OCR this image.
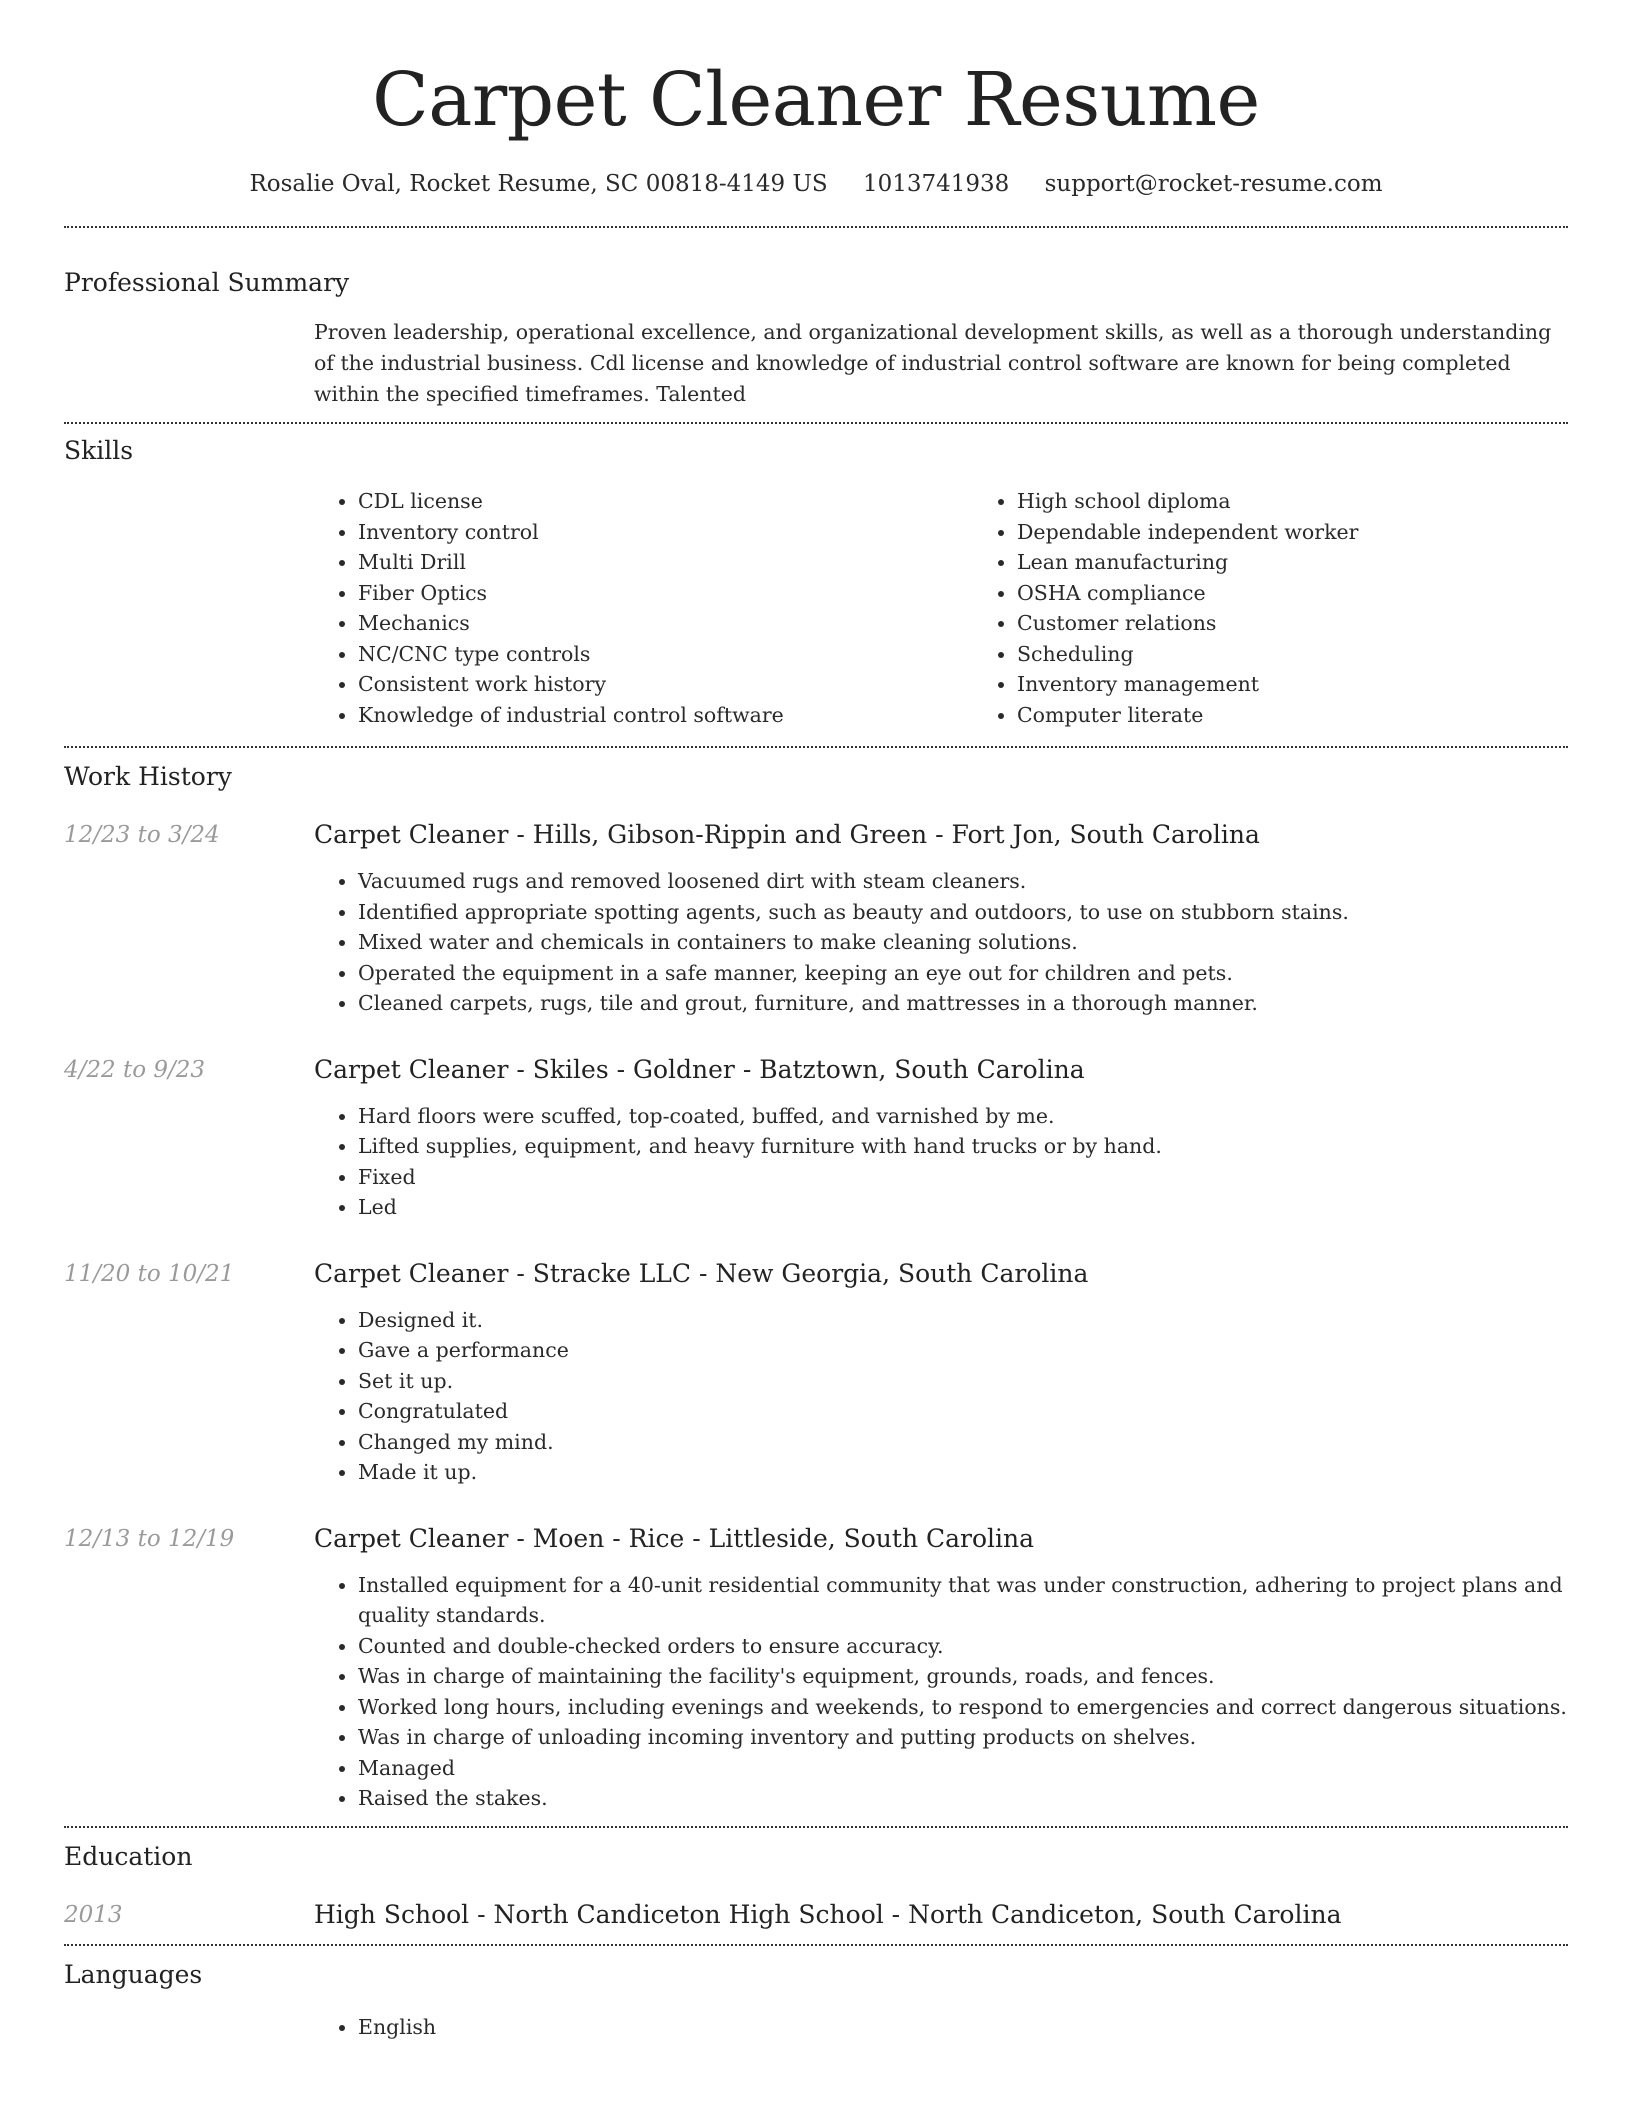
Carpet Cleaner Resume
Rosalie Oval, Rocket Resume, SC 00818-4149 US 1013741938 support@rocket-resume.com
Professional Summary

Proven leadership, operational excellence, and organizational development skills, as well as a thorough understanding of the industrial business. Cdl license and knowledge of industrial control software are known for being completed within the specified timeframes. Talented

Skills
• CDL license
• Inventory control
• Multi Drill
• Fiber Optics
• Mechanics
• NC/CNC type controls
• Consistent work history
• Knowledge of industrial control software
• High school diploma
• Dependable independent worker
• Lean manufacturing
• OSHA compliance
• Customer relations
• Scheduling
• Inventory management
• Computer literate
Work History
12/23 to 3/24	Carpet Cleaner - Hills, Gibson-Rippin and Green - Fort Jon, South Carolina
• Vacuumed rugs and removed loosened dirt with steam cleaners.
• Identified appropriate spotting agents, such as beauty and outdoors, to use on stubborn stains.
• Mixed water and chemicals in containers to make cleaning solutions.
• Operated the equipment in a safe manner, keeping an eye out for children and pets.
• Cleaned carpets, rugs, tile and grout, furniture, and mattresses in a thorough manner.
4/22 to 9/23	Carpet Cleaner - Skiles - Goldner - Batztown, South Carolina
• Hard floors were scuffed, top-coated, buffed, and varnished by me.
• Lifted supplies, equipment, and heavy furniture with hand trucks or by hand.
• Fixed
• Led
11/20 to 10/21	Carpet Cleaner - Stracke LLC - New Georgia, South Carolina
• Designed it.
• Gave a performance
• Set it up.
• Congratulated
• Changed my mind.
• Made it up.
12/13 to 12/19	Carpet Cleaner - Moen - Rice - Littleside, South Carolina
• Installed equipment for a 40-unit residential community that was under construction, adhering to project plans and quality standards.
• Counted and double-checked orders to ensure accuracy.
• Was in charge of maintaining the facility's equipment, grounds, roads, and fences.
• Worked long hours, including evenings and weekends, to respond to emergencies and correct dangerous situations.
• Was in charge of unloading incoming inventory and putting products on shelves.
• Managed
• Raised the stakes.
Education
2013	High School - North Candiceton High School - North Candiceton, South Carolina
Languages
• English
